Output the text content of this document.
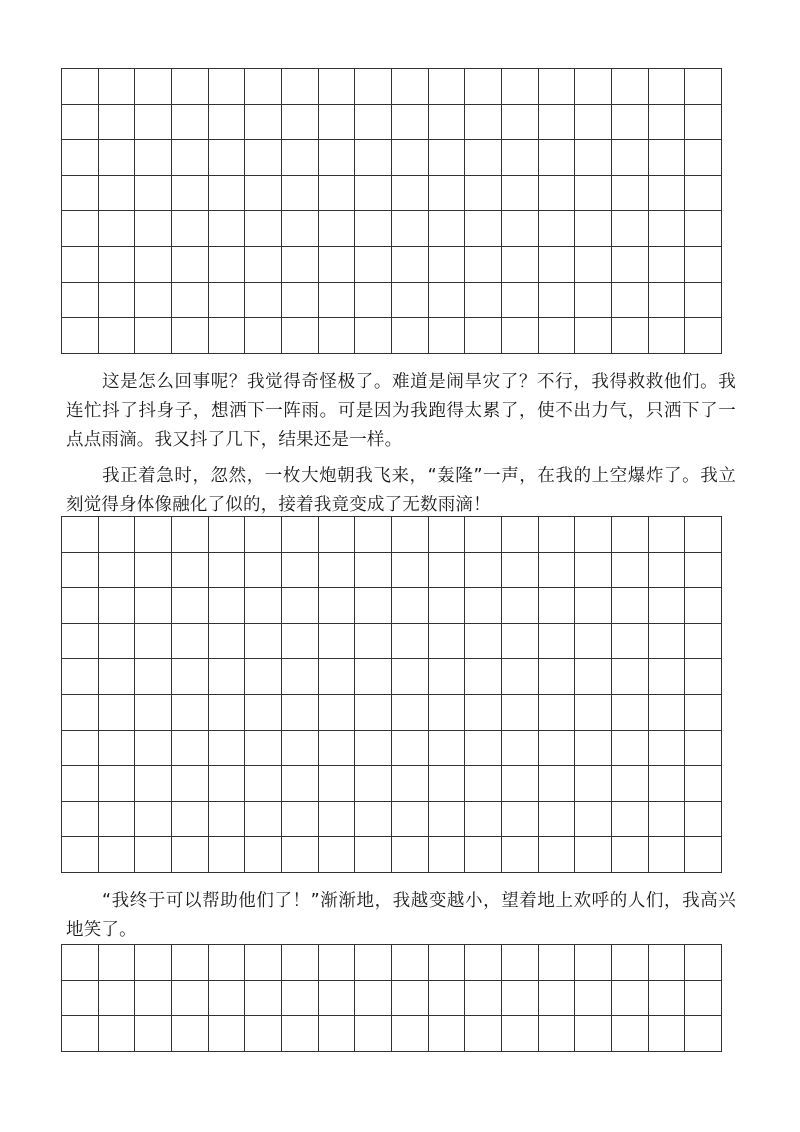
这是怎么回事呢？我觉得奇怪极了。难道是闹旱灾了？不行，我得救救他们。我连忙抖了抖身子，想洒下一阵雨。可是因为我跑得太累了，使不出力气，只洒下了一点点雨滴。我又抖了几下，结果还是一样。

我正着急时，忽然，一枚大炮朝我飞来，“轰隆”一声，在我的上空爆炸了。我立刻觉得身体像融化了似的，接着我竟变成了无数雨滴！

“我终于可以帮助他们了！”渐渐地，我越变越小，望着地上欢呼的人们，我高兴地笑了。
